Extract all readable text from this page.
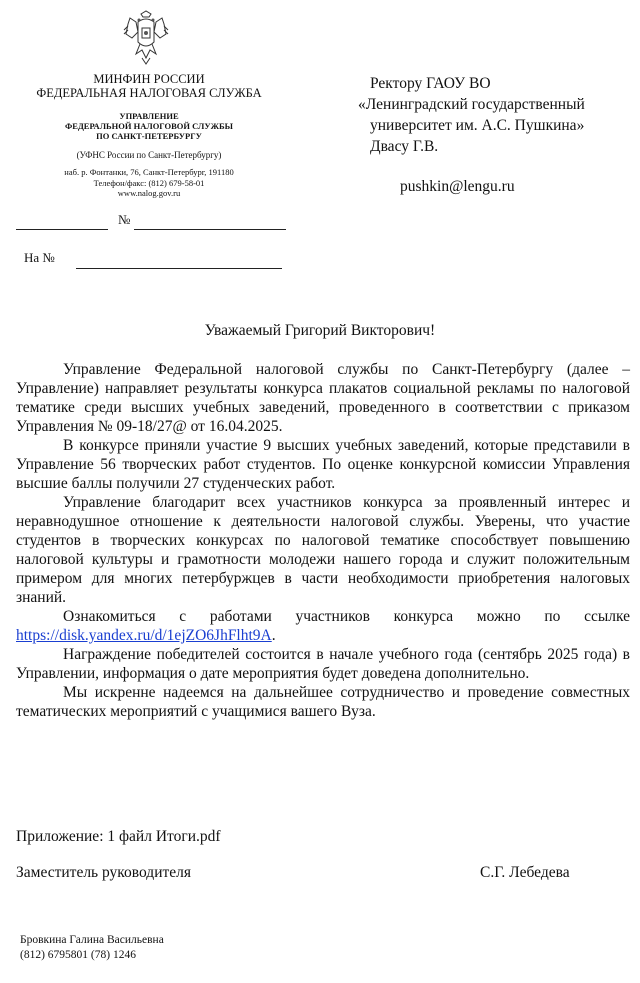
МИНФИН РОССИИ
ФЕДЕРАЛЬНАЯ НАЛОГОВАЯ СЛУЖБА
УПРАВЛЕНИЕ
ФЕДЕРАЛЬНОЙ НАЛОГОВОЙ СЛУЖБЫ
ПО САНКТ-ПЕТЕРБУРГУ
(УФНС России по Санкт-Петербургу)
наб. р. Фонтанки, 76, Санкт-Петербург, 191180
Телефон/факс: (812) 679-58-01
www.nalog.gov.ru
№
На №
Ректору ГАОУ ВО
«Ленинградский государственный
университет им. А.С. Пушкина»
Двасу Г.В.
pushkin@lengu.ru
Уважаемый Григорий Викторович!

Управление Федеральной налоговой службы по Санкт-Петербургу (далее – Управление) направляет результаты конкурса плакатов социальной рекламы по налоговой тематике среди высших учебных заведений, проведенного в соответствии с приказом Управления № 09-18/27@ от 16.04.2025.

В конкурсе приняли участие 9 высших учебных заведений, которые представили в Управление 56 творческих работ студентов. По оценке конкурсной комиссии Управления высшие баллы получили 27 студенческих работ.

Управление благодарит всех участников конкурса за проявленный интерес и неравнодушное отношение к деятельности налоговой службы. Уверены, что участие студентов в творческих конкурсах по налоговой тематике способствует повышению налоговой культуры и грамотности молодежи нашего города и служит положительным примером для многих петербуржцев в части необходимости приобретения налоговых знаний.

Ознакомиться с работами участников конкурса можно по ссылке https://disk.yandex.ru/d/1ejZO6JhFlht9A.

Награждение победителей состоится в начале учебного года (сентябрь 2025 года) в Управлении, информация о дате мероприятия будет доведена дополнительно.

Мы искренне надеемся на дальнейшее сотрудничество и проведение совместных тематических мероприятий с учащимися вашего Вуза.

Приложение: 1 файл Итоги.pdf
Заместитель руководителя	С.Г. Лебедева
Бровкина Галина Васильевна
(812) 6795801 (78) 1246
